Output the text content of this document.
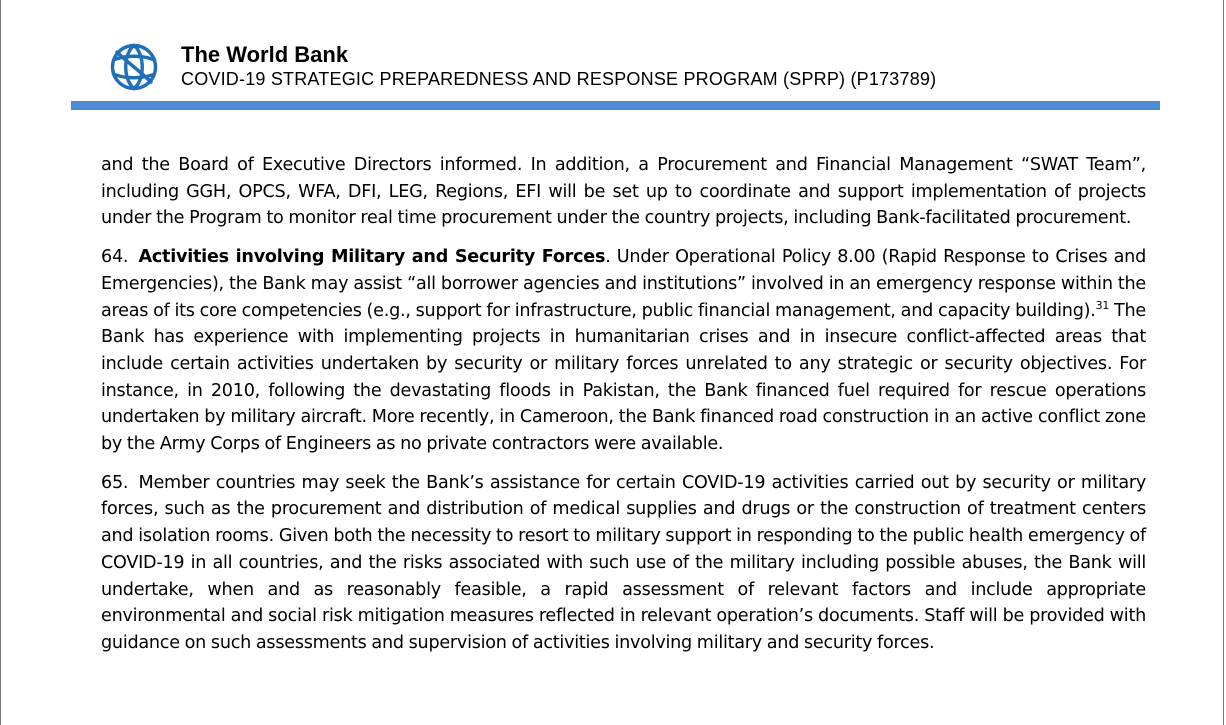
The World Bank
COVID-19 STRATEGIC PREPAREDNESS AND RESPONSE PROGRAM (SPRP) (P173789)

and the Board of Executive Directors informed. In addition, a Procurement and Financial Management “SWAT Team”, including GGH, OPCS, WFA, DFI, LEG, Regions, EFI will be set up to coordinate and support implementation of projects under the Program to monitor real time procurement under the country projects, including Bank-facilitated procurement.

64. Activities involving Military and Security Forces. Under Operational Policy 8.00 (Rapid Response to Crises and Emergencies), the Bank may assist “all borrower agencies and institutions” involved in an emergency response within the areas of its core competencies (e.g., support for infrastructure, public financial management, and capacity building).$^{31}$ The Bank has experience with implementing projects in humanitarian crises and in insecure conflict-affected areas that include certain activities undertaken by security or military forces unrelated to any strategic or security objectives. For instance, in 2010, following the devastating floods in Pakistan, the Bank financed fuel required for rescue operations undertaken by military aircraft. More recently, in Cameroon, the Bank financed road construction in an active conflict zone by the Army Corps of Engineers as no private contractors were available.

65. Member countries may seek the Bank’s assistance for certain COVID-19 activities carried out by security or military forces, such as the procurement and distribution of medical supplies and drugs or the construction of treatment centers and isolation rooms. Given both the necessity to resort to military support in responding to the public health emergency of COVID-19 in all countries, and the risks associated with such use of the military including possible abuses, the Bank will undertake, when and as reasonably feasible, a rapid assessment of relevant factors and include appropriate environmental and social risk mitigation measures reflected in relevant operation’s documents. Staff will be provided with guidance on such assessments and supervision of activities involving military and security forces.
